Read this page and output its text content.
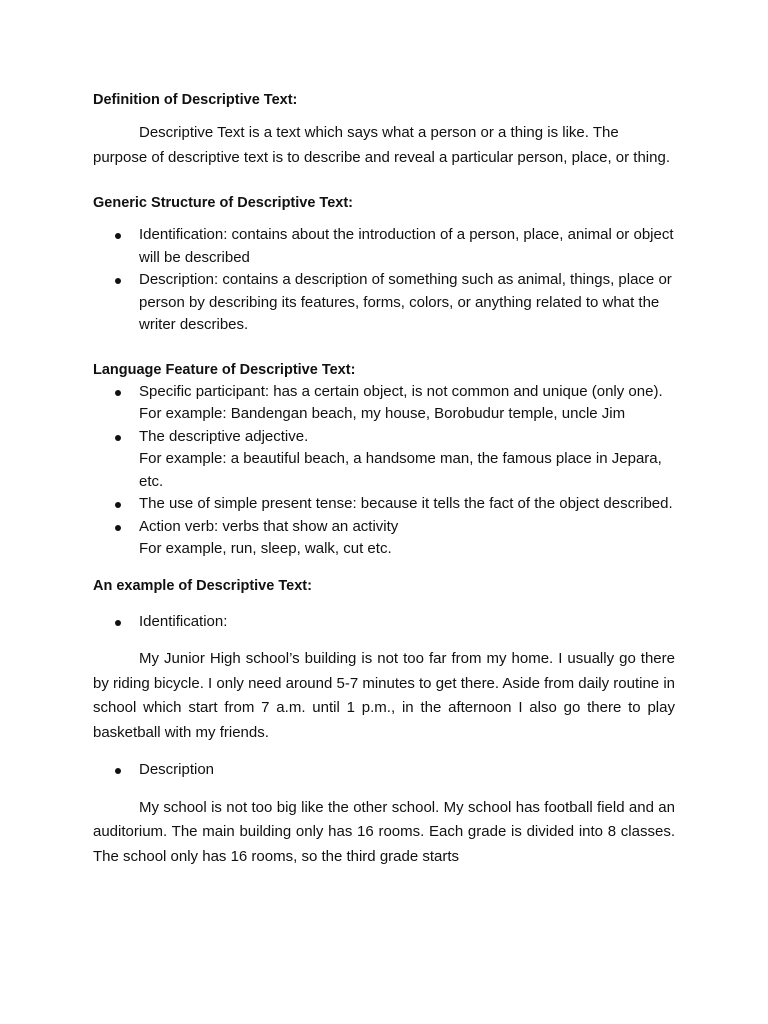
Definition of Descriptive Text:

Descriptive Text is a text which says what a person or a thing is like. The purpose of descriptive text is to describe and reveal a particular person, place, or thing.

Generic Structure of Descriptive Text:

Identification: contains about the introduction of a person, place, animal or object will be described
Description: contains a description of something such as animal, things, place or person by describing its features, forms, colors, or anything related to what the writer describes.

Language Feature of Descriptive Text:

Specific participant: has a certain object, is not common and unique (only one).
For example: Bandengan beach, my house, Borobudur temple, uncle Jim
The descriptive adjective.
For example: a beautiful beach, a handsome man, the famous place in Jepara, etc.
The use of simple present tense: because it tells the fact of the object described.
Action verb: verbs that show an activity
For example, run, sleep, walk, cut etc.

An example of Descriptive Text:

Identification:

My Junior High school’s building is not too far from my home. I usually go there by riding bicycle. I only need around 5-7 minutes to get there. Aside from daily routine in school which start from 7 a.m. until 1 p.m., in the afternoon I also go there to play basketball with my friends.

Description

My school is not too big like the other school. My school has football field and an auditorium. The main building only has 16 rooms. Each grade is divided into 8 classes. The school only has 16 rooms, so the third grade starts
